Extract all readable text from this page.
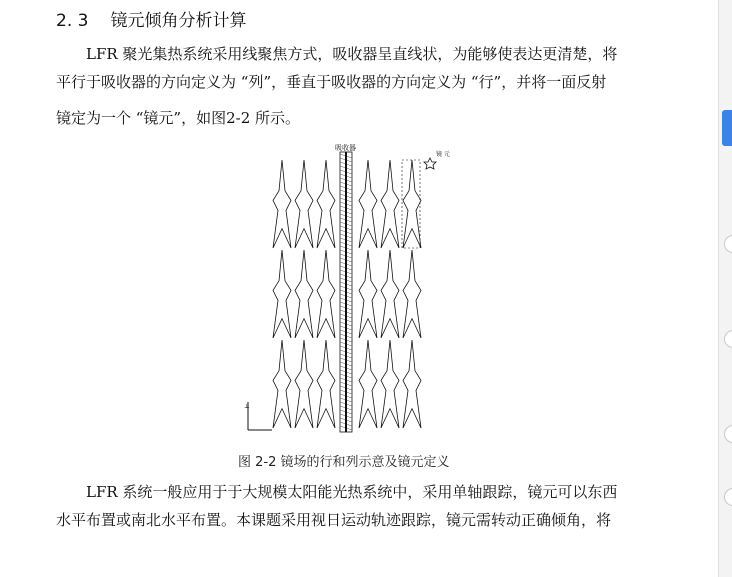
2. 3 镜元倾角分析计算
LFR 聚光集热系统采用线聚焦方式，吸收器呈直线状，为能够使表达更清楚，将
平行于吸收器的方向定义为 “列”，垂直于吸收器的方向定义为 “行”，并将一面反射
镜定为一个 “镜元”，如图2-2 所示。
吸收器
镜 元
⊥
图 2-2 镜场的行和列示意及镜元定义
LFR 系统一般应用于于大规模太阳能光热系统中，采用单轴跟踪，镜元可以东西
水平布置或南北水平布置。本课题采用视日运动轨迹跟踪，镜元需转动正确倾角，将
